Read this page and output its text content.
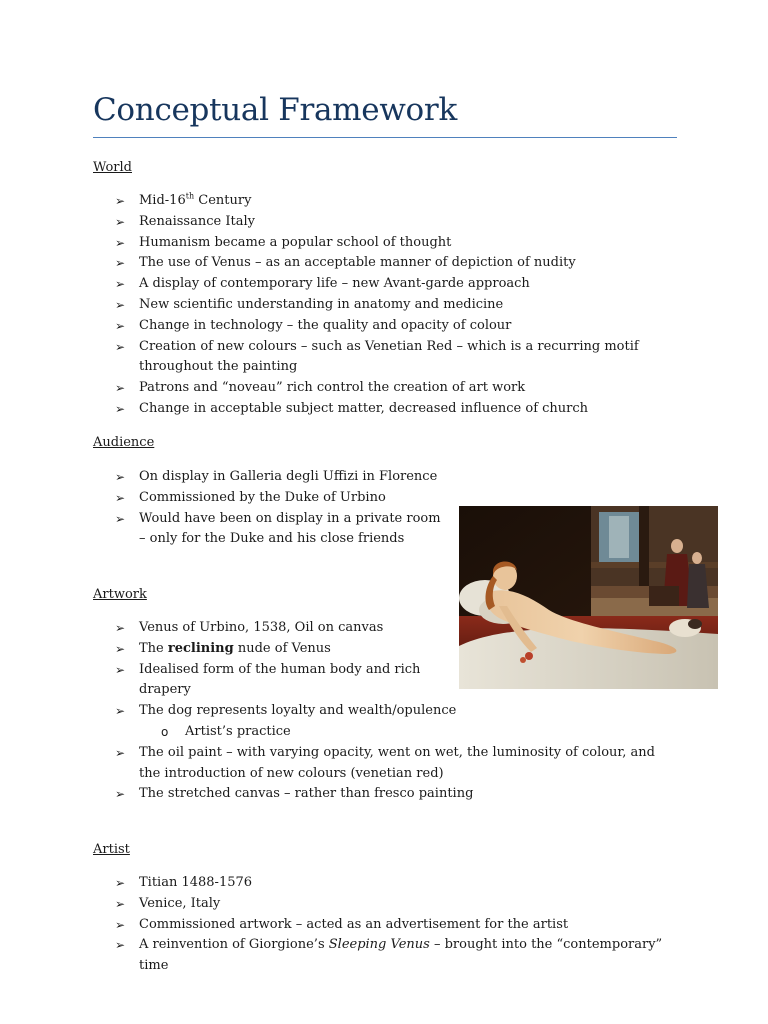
Conceptual Framework
World
➢ Mid-16th Century
➢ Renaissance Italy
➢ Humanism became a popular school of thought
➢ The use of Venus – as an acceptable manner of depiction of nudity
➢ A display of contemporary life – new Avant-garde approach
➢ New scientific understanding in anatomy and medicine
➢ Change in technology – the quality and opacity of colour
➢ Creation of new colours – such as Venetian Red – which is a recurring motif
throughout the painting
➢ Patrons and “noveau” rich control the creation of art work
➢ Change in acceptable subject matter, decreased influence of church
Audience
➢ On display in Galleria degli Uffizi in Florence
➢ Commissioned by the Duke of Urbino
➢ Would have been on display in a private room
– only for the Duke and his close friends
Artwork
➢ Venus of Urbino, 1538, Oil on canvas
➢ The reclining nude of Venus
➢ Idealised form of the human body and rich
drapery
➢ The dog represents loyalty and wealth/opulence
o Artist’s practice
➢ The oil paint – with varying opacity, went on wet, the luminosity of colour, and
the introduction of new colours (venetian red)
➢ The stretched canvas – rather than fresco painting
Artist
➢ Titian 1488-1576
➢ Venice, Italy
➢ Commissioned artwork – acted as an advertisement for the artist
➢ A reinvention of Giorgione’s Sleeping Venus – brought into the “contemporary”
time
